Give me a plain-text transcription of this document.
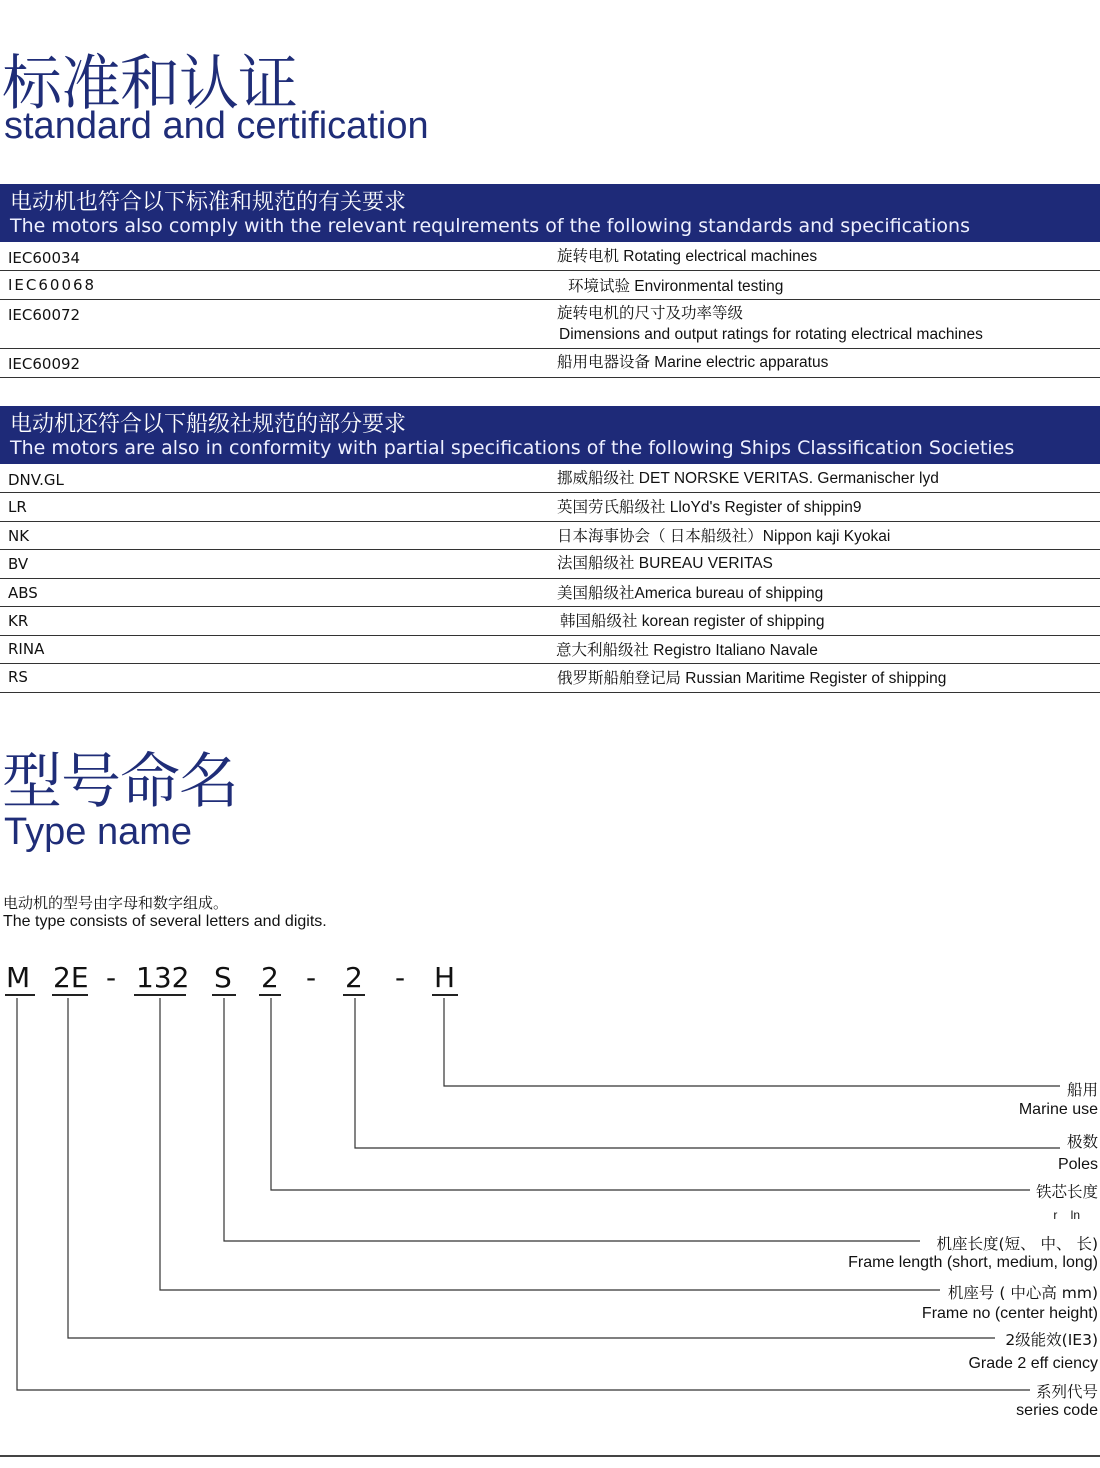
标准和认证
standard and certification
电动机也符合以下标准和规范的有关要求
The motors also comply with the relevant requlrements of the following standards and specifications
IEC60034	旋转电机 Rotating electrical machines
IEC60068	环境试验 Environmental testing
IEC60072	旋转电机的尺寸及功率等级
Dimensions and output ratings for rotating electrical machines
IEC60092	船用电器设备 Marine electric apparatus
电动机还符合以下船级社规范的部分要求
The motors are also in conformity with partial specifications of the following Ships Classification Societies
DNV.GL	挪威船级社 DET NORSKE VERITAS. Germanischer lyd
LR	英国劳氏船级社 LloYd's Register of shippin9
NK	日本海事协会（ 日本船级社）Nippon kaji Kyokai
BV	法国船级社 BUREAU VERITAS
ABS	美国船级社America bureau of shipping
KR	韩国船级社 korean register of shipping
RINA	意大利船级社 Registro Italiano Navale
RS	俄罗斯船舶登记局 Russian Maritime Register of shipping
型号命名
Type name
电动机的型号由字母和数字组成。
The type consists of several letters and digits.
M 2E - 132 S 2 - 2 - H
船用
Marine use
极数
Poles
铁芯长度
r    ln
机座长度(短、 中、 长)
Frame length (short, medium, long)
机座号 ( 中心高 mm)
Frame no (center height)
2级能效(IE3)
Grade 2 eff ciency
系列代号
series code
